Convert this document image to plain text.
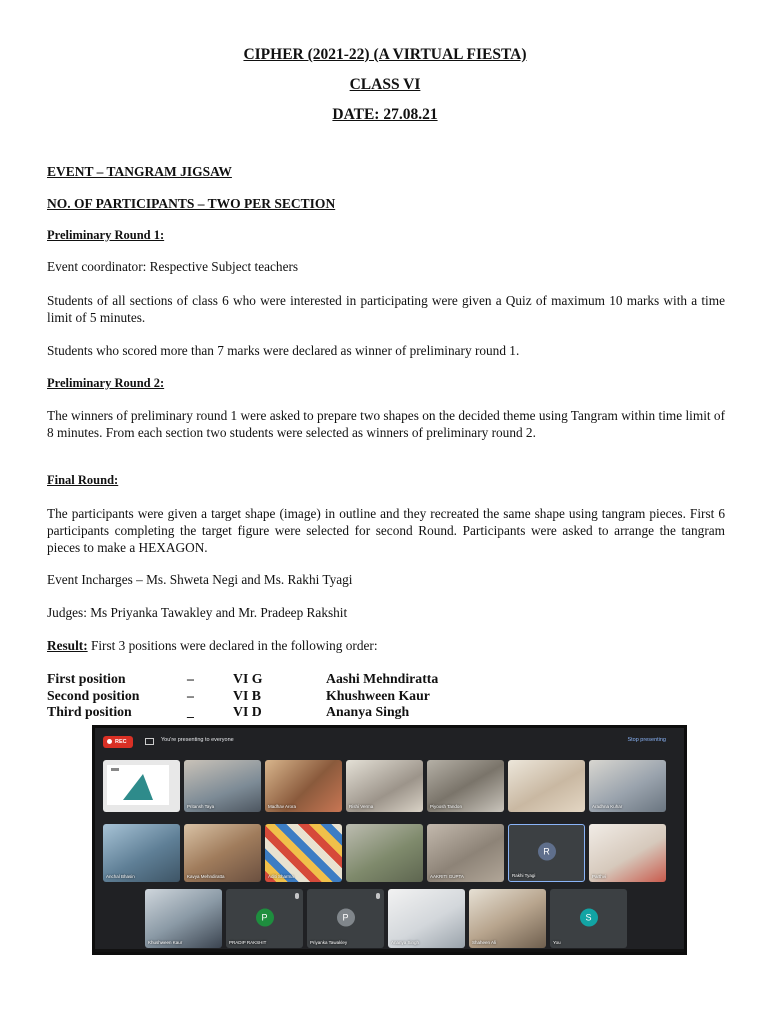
CIPHER (2021-22) (A VIRTUAL FIESTA)
CLASS VI
DATE: 27.08.21
EVENT – TANGRAM JIGSAW
NO. OF PARTICIPANTS – TWO PER SECTION
Preliminary Round 1:
Event coordinator: Respective Subject teachers
Students of all sections of class 6 who were interested in participating were given a Quiz of maximum 10 marks with a time limit of 5 minutes.
Students who scored more than 7 marks were declared as winner of preliminary round 1.
Preliminary Round 2:
The winners of preliminary round 1 were asked to prepare two shapes on the decided theme using Tangram within time limit of 8 minutes. From each section two students were selected as winners of preliminary round 2.
Final Round:
The participants were given a target shape (image) in outline and they recreated the same shape using tangram pieces. First 6 participants completing the target figure were selected for second Round. Participants were asked to arrange the tangram pieces to make a HEXAGON.
Event Incharges – Ms. Shweta Negi and Ms. Rakhi Tyagi
Judges: Ms Priyanka Tawakley and Mr. Pradeep Rakshit
Result: First 3 positions were declared in the following order:
First position	–	VI G	Aashi Mehndiratta
Second position	–	VI B	Khushween Kaur
Third position	_	VI D	Ananya Singh
REC	You're presenting to everyone	Stop presenting
Pritansh Taya	Madhav Arora	Rishi Verma	Piyoosh Tandon	Aradhna Kuhar
Anchal Bhasin	Kavya Mehndiratta	Aditi Sharma	AAKRITI GUPTA
R
Rakhi Tyagi	Parthvi
Khushween Kaur
P
PRADIP RAKSHIT
P
Priyanka Tawakley	Ananya Singh	Shaheen Ali
S
You
